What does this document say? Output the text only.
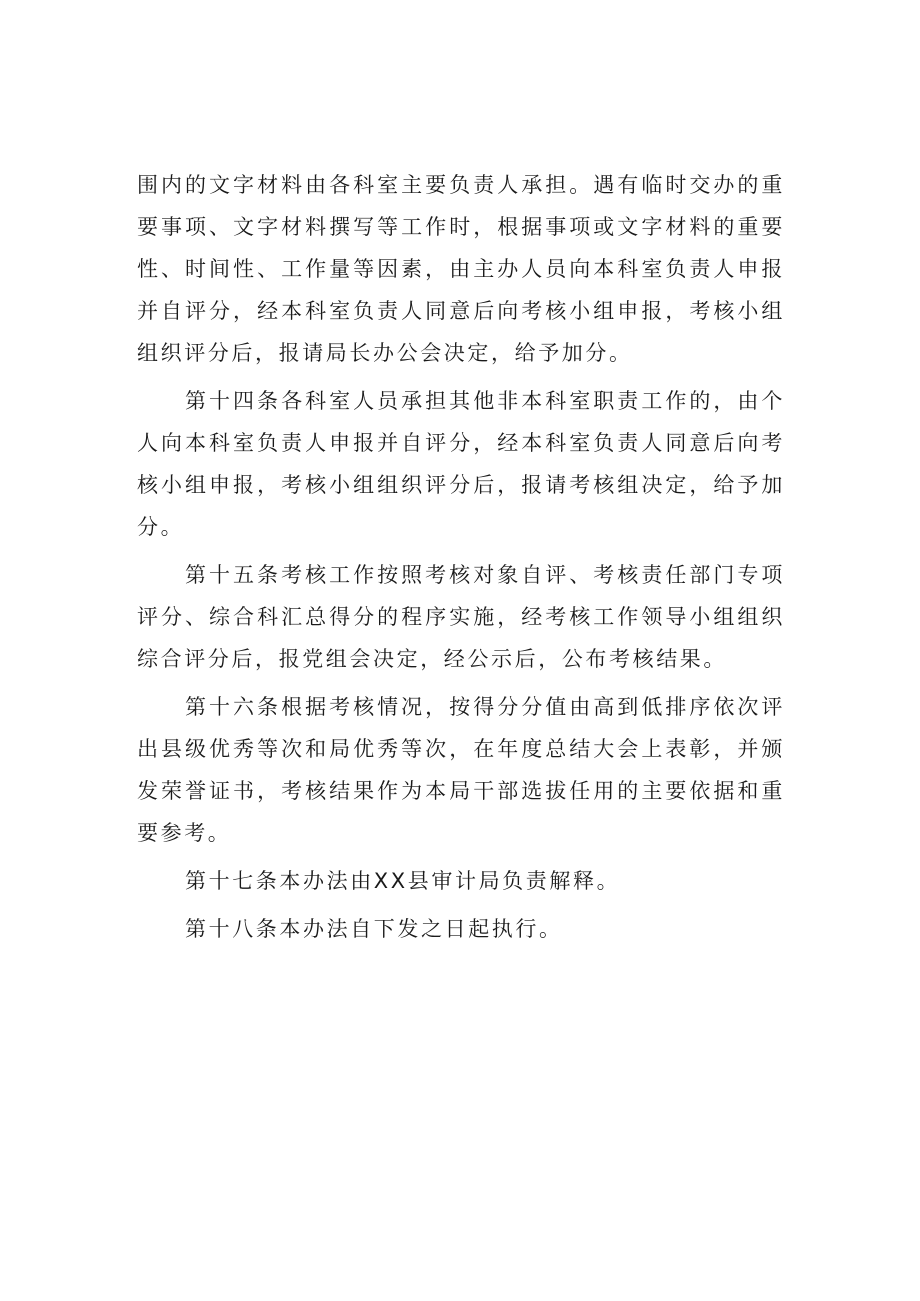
围内的文字材料由各科室主要负责人承担。遇有临时交办的重要事项、文字材料撰写等工作时，根据事项或文字材料的重要性、时间性、工作量等因素，由主办人员向本科室负责人申报并自评分，经本科室负责人同意后向考核小组申报，考核小组组织评分后，报请局长办公会决定，给予加分。

第十四条各科室人员承担其他非本科室职责工作的，由个人向本科室负责人申报并自评分，经本科室负责人同意后向考核小组申报，考核小组组织评分后，报请考核组决定，给予加分。

第十五条考核工作按照考核对象自评、考核责任部门专项评分、综合科汇总得分的程序实施，经考核工作领导小组组织综合评分后，报党组会决定，经公示后，公布考核结果。

第十六条根据考核情况，按得分分值由高到低排序依次评出县级优秀等次和局优秀等次，在年度总结大会上表彰，并颁发荣誉证书，考核结果作为本局干部选拔任用的主要依据和重要参考。

第十七条本办法由XX县审计局负责解释。

第十八条本办法自下发之日起执行。
